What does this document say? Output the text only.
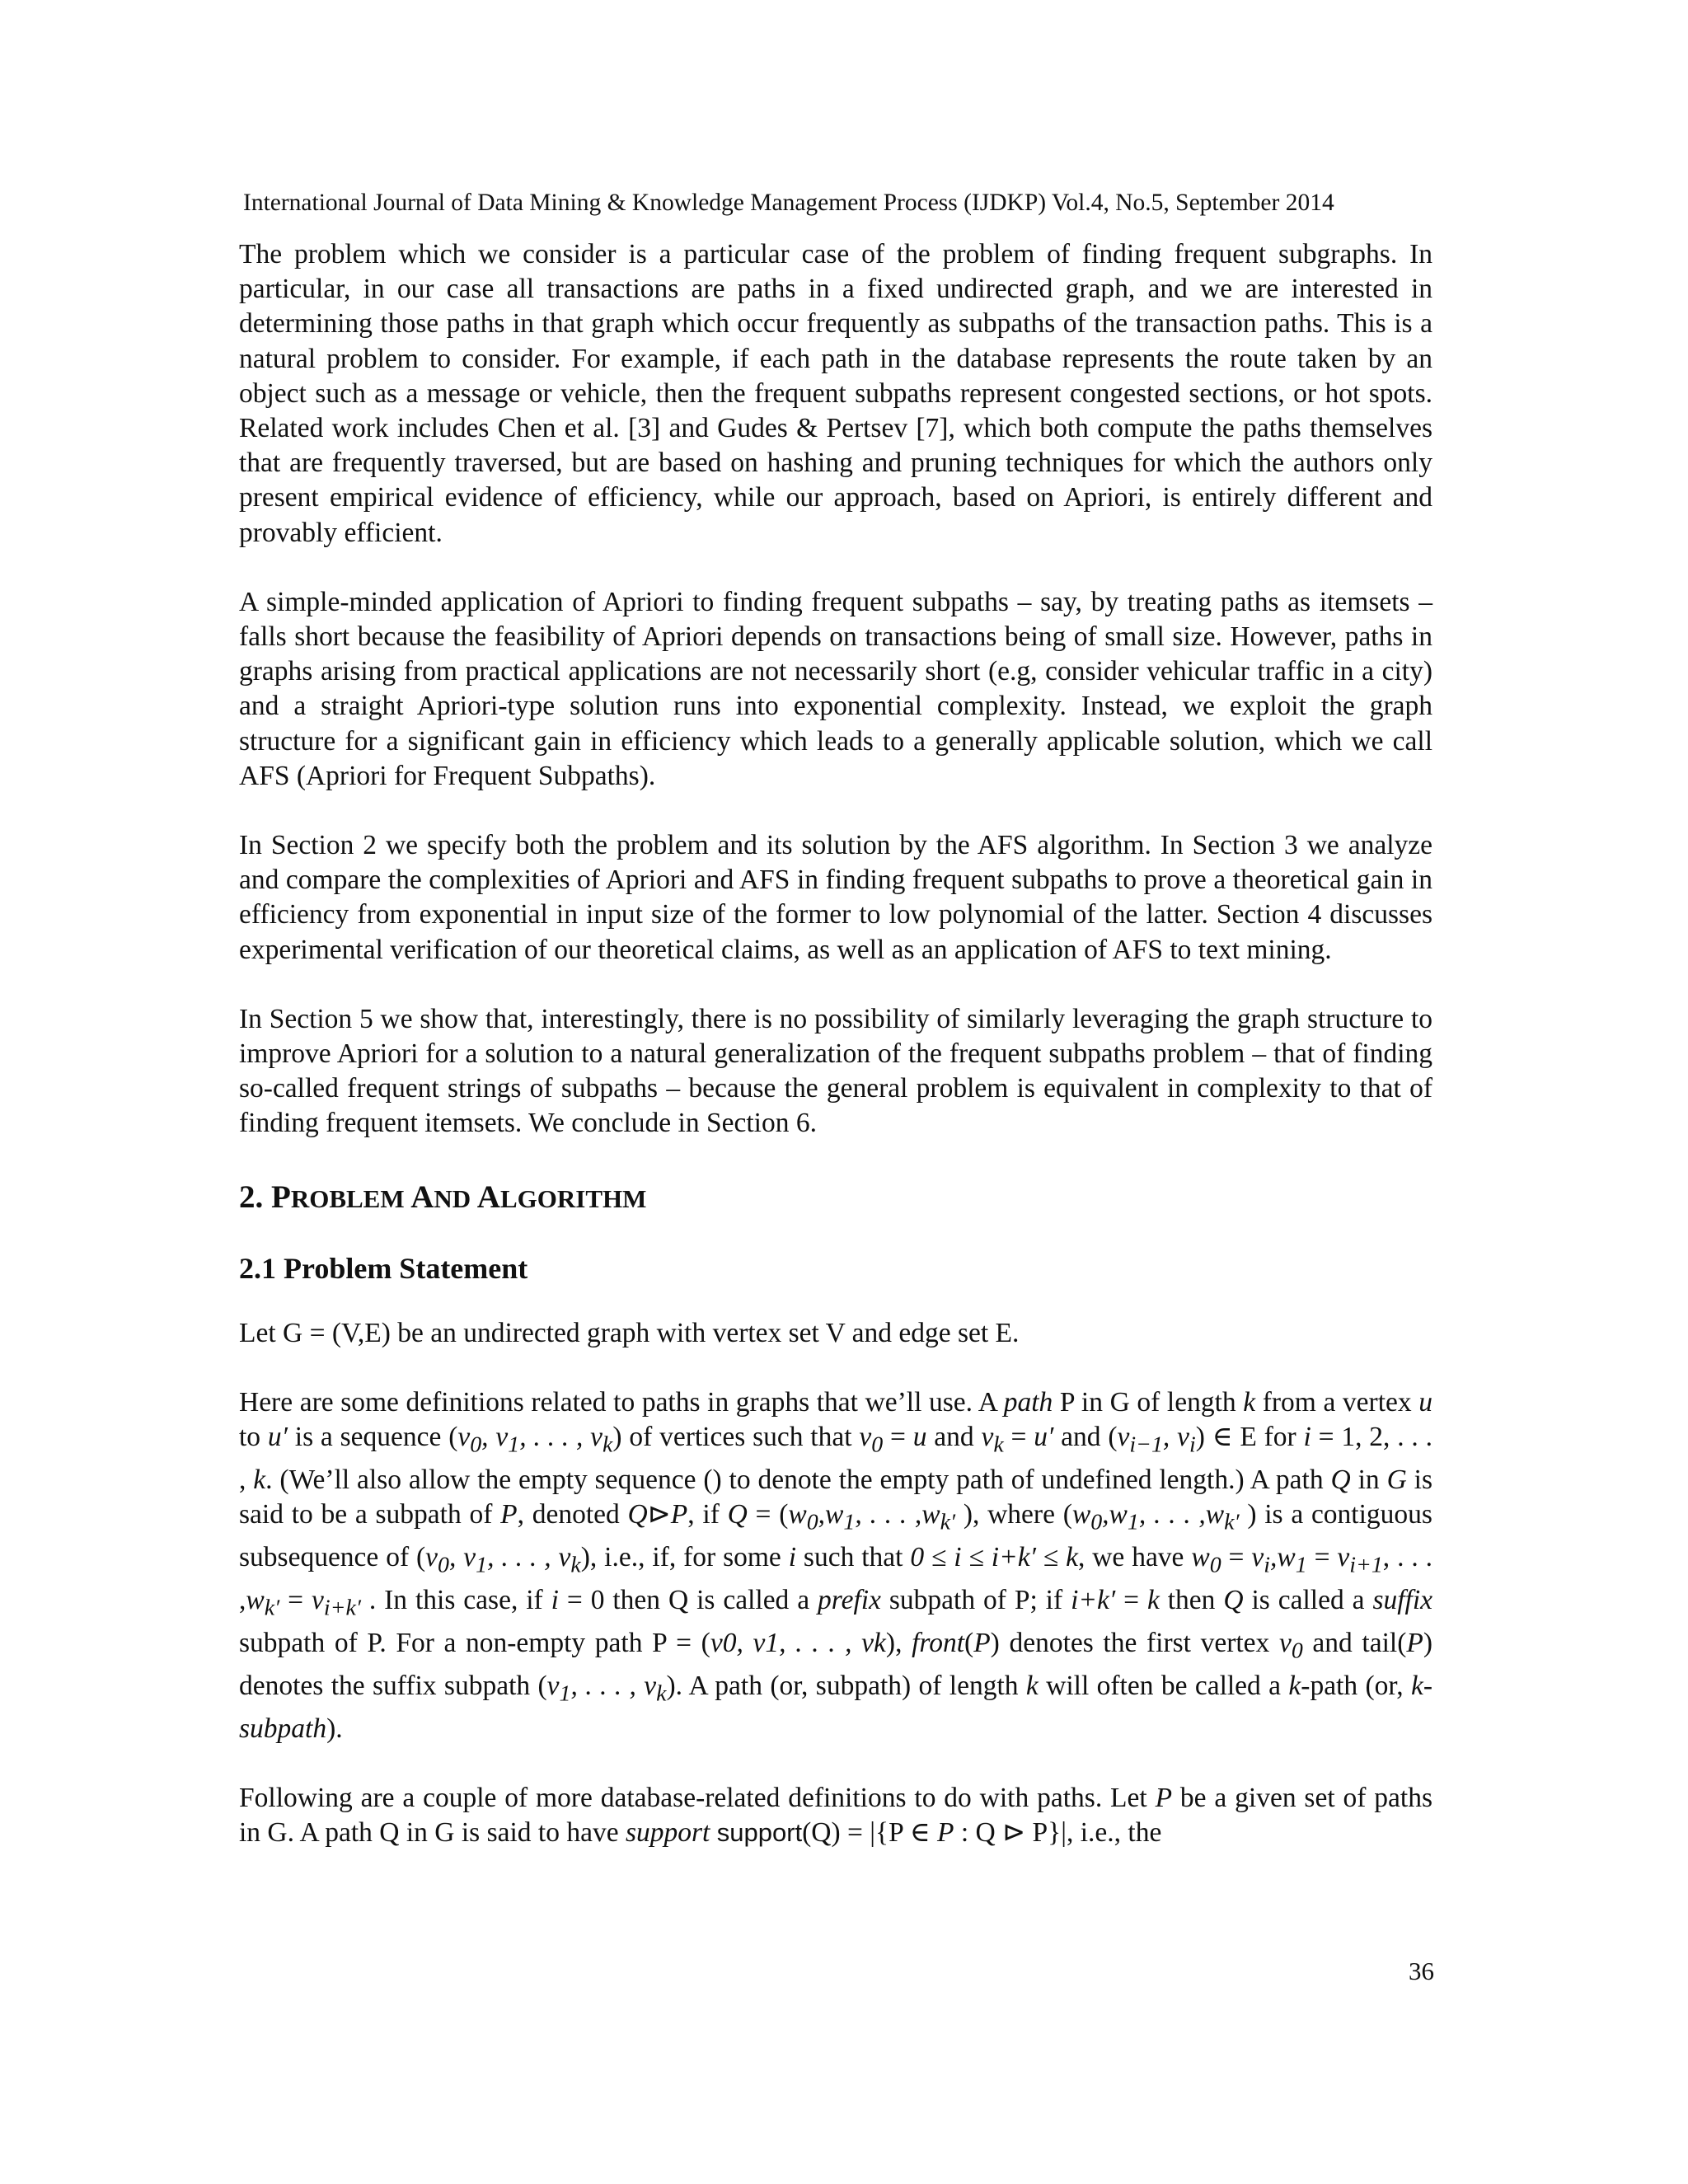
International Journal of Data Mining & Knowledge Management Process (IJDKP) Vol.4, No.5, September 2014

The problem which we consider is a particular case of the problem of finding frequent subgraphs. In particular, in our case all transactions are paths in a fixed undirected graph, and we are interested in determining those paths in that graph which occur frequently as subpaths of the transaction paths. This is a natural problem to consider. For example, if each path in the database represents the route taken by an object such as a message or vehicle, then the frequent subpaths represent congested sections, or hot spots. Related work includes Chen et al. [3] and Gudes & Pertsev [7], which both compute the paths themselves that are frequently traversed, but are based on hashing and pruning techniques for which the authors only present empirical evidence of efficiency, while our approach, based on Apriori, is entirely different and provably efficient.

A simple-minded application of Apriori to finding frequent subpaths – say, by treating paths as itemsets – falls short because the feasibility of Apriori depends on transactions being of small size. However, paths in graphs arising from practical applications are not necessarily short (e.g, consider vehicular traffic in a city) and a straight Apriori-type solution runs into exponential complexity. Instead, we exploit the graph structure for a significant gain in efficiency which leads to a generally applicable solution, which we call AFS (Apriori for Frequent Subpaths).

In Section 2 we specify both the problem and its solution by the AFS algorithm. In Section 3 we analyze and compare the complexities of Apriori and AFS in finding frequent subpaths to prove a theoretical gain in efficiency from exponential in input size of the former to low polynomial of the latter. Section 4 discusses experimental verification of our theoretical claims, as well as an application of AFS to text mining.

In Section 5 we show that, interestingly, there is no possibility of similarly leveraging the graph structure to improve Apriori for a solution to a natural generalization of the frequent subpaths problem – that of finding so-called frequent strings of subpaths – because the general problem is equivalent in complexity to that of finding frequent itemsets. We conclude in Section 6.

2. PROBLEM AND ALGORITHM
2.1 Problem Statement

Let G = (V,E) be an undirected graph with vertex set V and edge set E.

Here are some definitions related to paths in graphs that we’ll use. A path P in G of length k from a vertex u to u′ is a sequence ($v_0$, $v_1$, . . . , $v_k$) of vertices such that $v_0 = u$ and $v_k = u'$ and ($v_{i-1}$, $v_i$) ∈ E for i = 1, 2, . . . , k. (We’ll also allow the empty sequence () to denote the empty path of undefined length.) A path Q in G is said to be a subpath of P, denoted Q⊳P, if $Q = (w_0,w_1$, . . . $,w_{k'}$ ), where ($w_0,w_1$, . . . $,w_{k'}$ ) is a contiguous subsequence of ($v_0$, $v_1$, . . . , $v_k$), i.e., if, for some i such that 0 ≤ i ≤ i+k′ ≤ k, we have $w_0 = v_i,w_1 = v_{i+1}$, . . . $,w_{k'} = v_{i+k'}$ . In this case, if i = 0 then Q is called a prefix subpath of P; if i+k′ = k then Q is called a suffix subpath of P. For a non-empty path P = (v0, v1, . . . , vk), front(P) denotes the first vertex $v_0$ and tail(P) denotes the suffix subpath ($v_1$, . . . , $v_k$). A path (or, subpath) of length k will often be called a k-path (or, k-subpath).

Following are a couple of more database-related definitions to do with paths. Let P be a given set of paths in G. A path Q in G is said to have support support(Q) = |{P ∈ P : Q ⊳ P}|, i.e., the

36
